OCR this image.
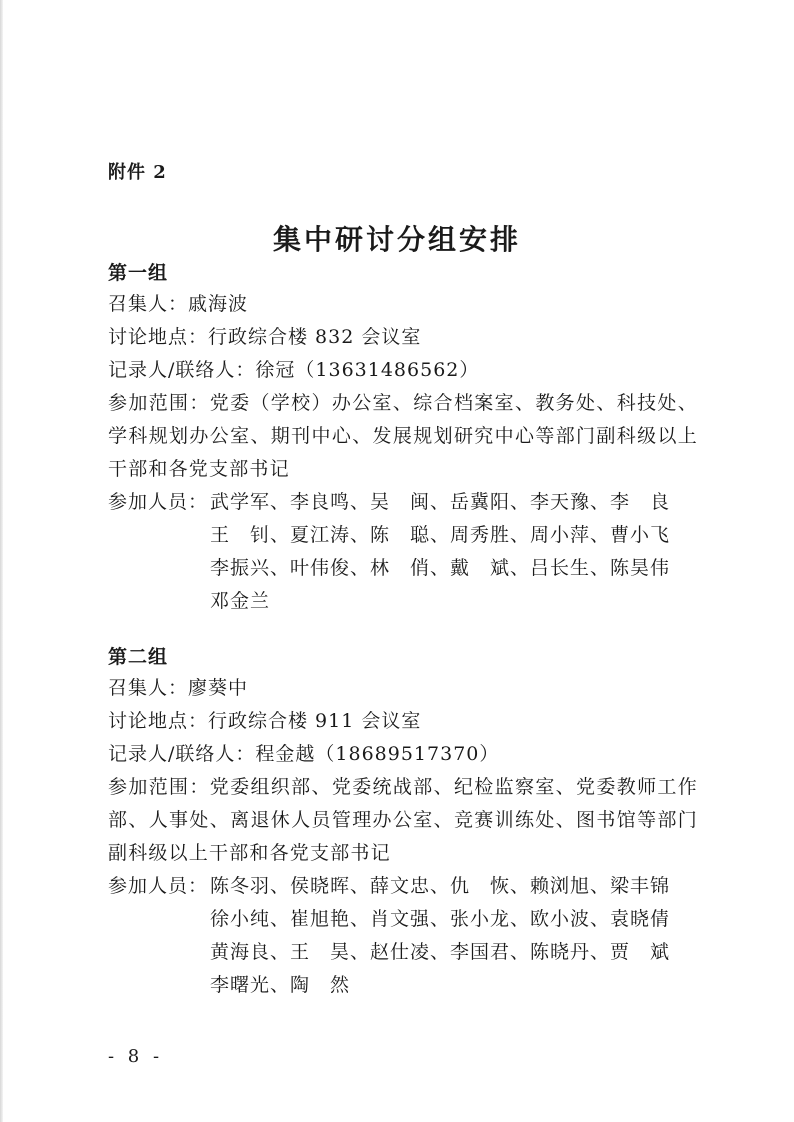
附件 2
集中研讨分组安排
第一组
召集人： 戚海波
讨论地点： 行政综合楼 832 会议室
记录人/联络人： 徐冠（13631486562）
参加范围：党委（学校）办公室、综合档案室、教务处、科技处、学科规划办公室、期刊中心、发展规划研究中心等部门副科级以上干部和各党支部书记
参加人员： 武学军、李良鸣、吴　闽、岳冀阳、李天豫、李　良
王　钊、夏江涛、陈　聪、周秀胜、周小萍、曹小飞
李振兴、叶伟俊、林　俏、戴　斌、吕长生、陈昊伟
邓金兰
第二组
召集人： 廖葵中
讨论地点： 行政综合楼 911 会议室
记录人/联络人： 程金越（18689517370）
参加范围：党委组织部、党委统战部、纪检监察室、党委教师工作部、人事处、离退休人员管理办公室、竞赛训练处、图书馆等部门副科级以上干部和各党支部书记
参加人员： 陈冬羽、侯晓晖、薛文忠、仇　恢、赖浏旭、梁丰锦
徐小纯、崔旭艳、肖文强、张小龙、欧小波、袁晓倩
黄海良、王　昊、赵仕凌、李国君、陈晓丹、贾　斌
李曙光、陶　然
- 8 -
